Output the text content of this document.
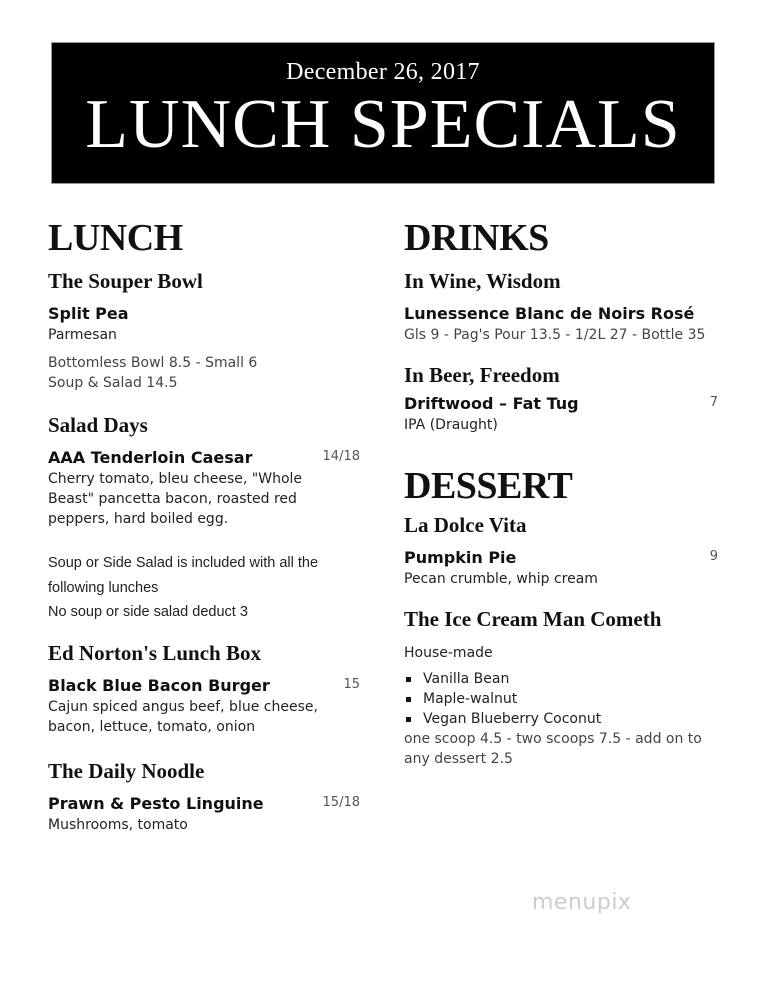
December 26, 2017
LUNCH SPECIALS
LUNCH
The Souper Bowl
Split Pea
Parmesan
Bottomless Bowl 8.5 - Small 6
Soup & Salad 14.5
Salad Days
AAA Tenderloin Caesar	14/18
Cherry tomato, bleu cheese, "Whole
Beast" pancetta bacon, roasted red
peppers, hard boiled egg.
Soup or Side Salad is included with all the
following lunches
No soup or side salad deduct 3
Ed Norton's Lunch Box
Black Blue Bacon Burger	15
Cajun spiced angus beef, blue cheese,
bacon, lettuce, tomato, onion
The Daily Noodle
Prawn & Pesto Linguine	15/18
Mushrooms, tomato
DRINKS
In Wine, Wisdom
Lunessence Blanc de Noirs Rosé
Gls 9 - Pag's Pour 13.5 - 1/2L 27 - Bottle 35
In Beer, Freedom
Driftwood – Fat Tug	7
IPA (Draught)
DESSERT
La Dolce Vita
Pumpkin Pie	9
Pecan crumble, whip cream
The Ice Cream Man Cometh
House-made
Vanilla Bean
Maple-walnut
Vegan Blueberry Coconut
one scoop 4.5 - two scoops 7.5 - add on to
any dessert 2.5
menupix
